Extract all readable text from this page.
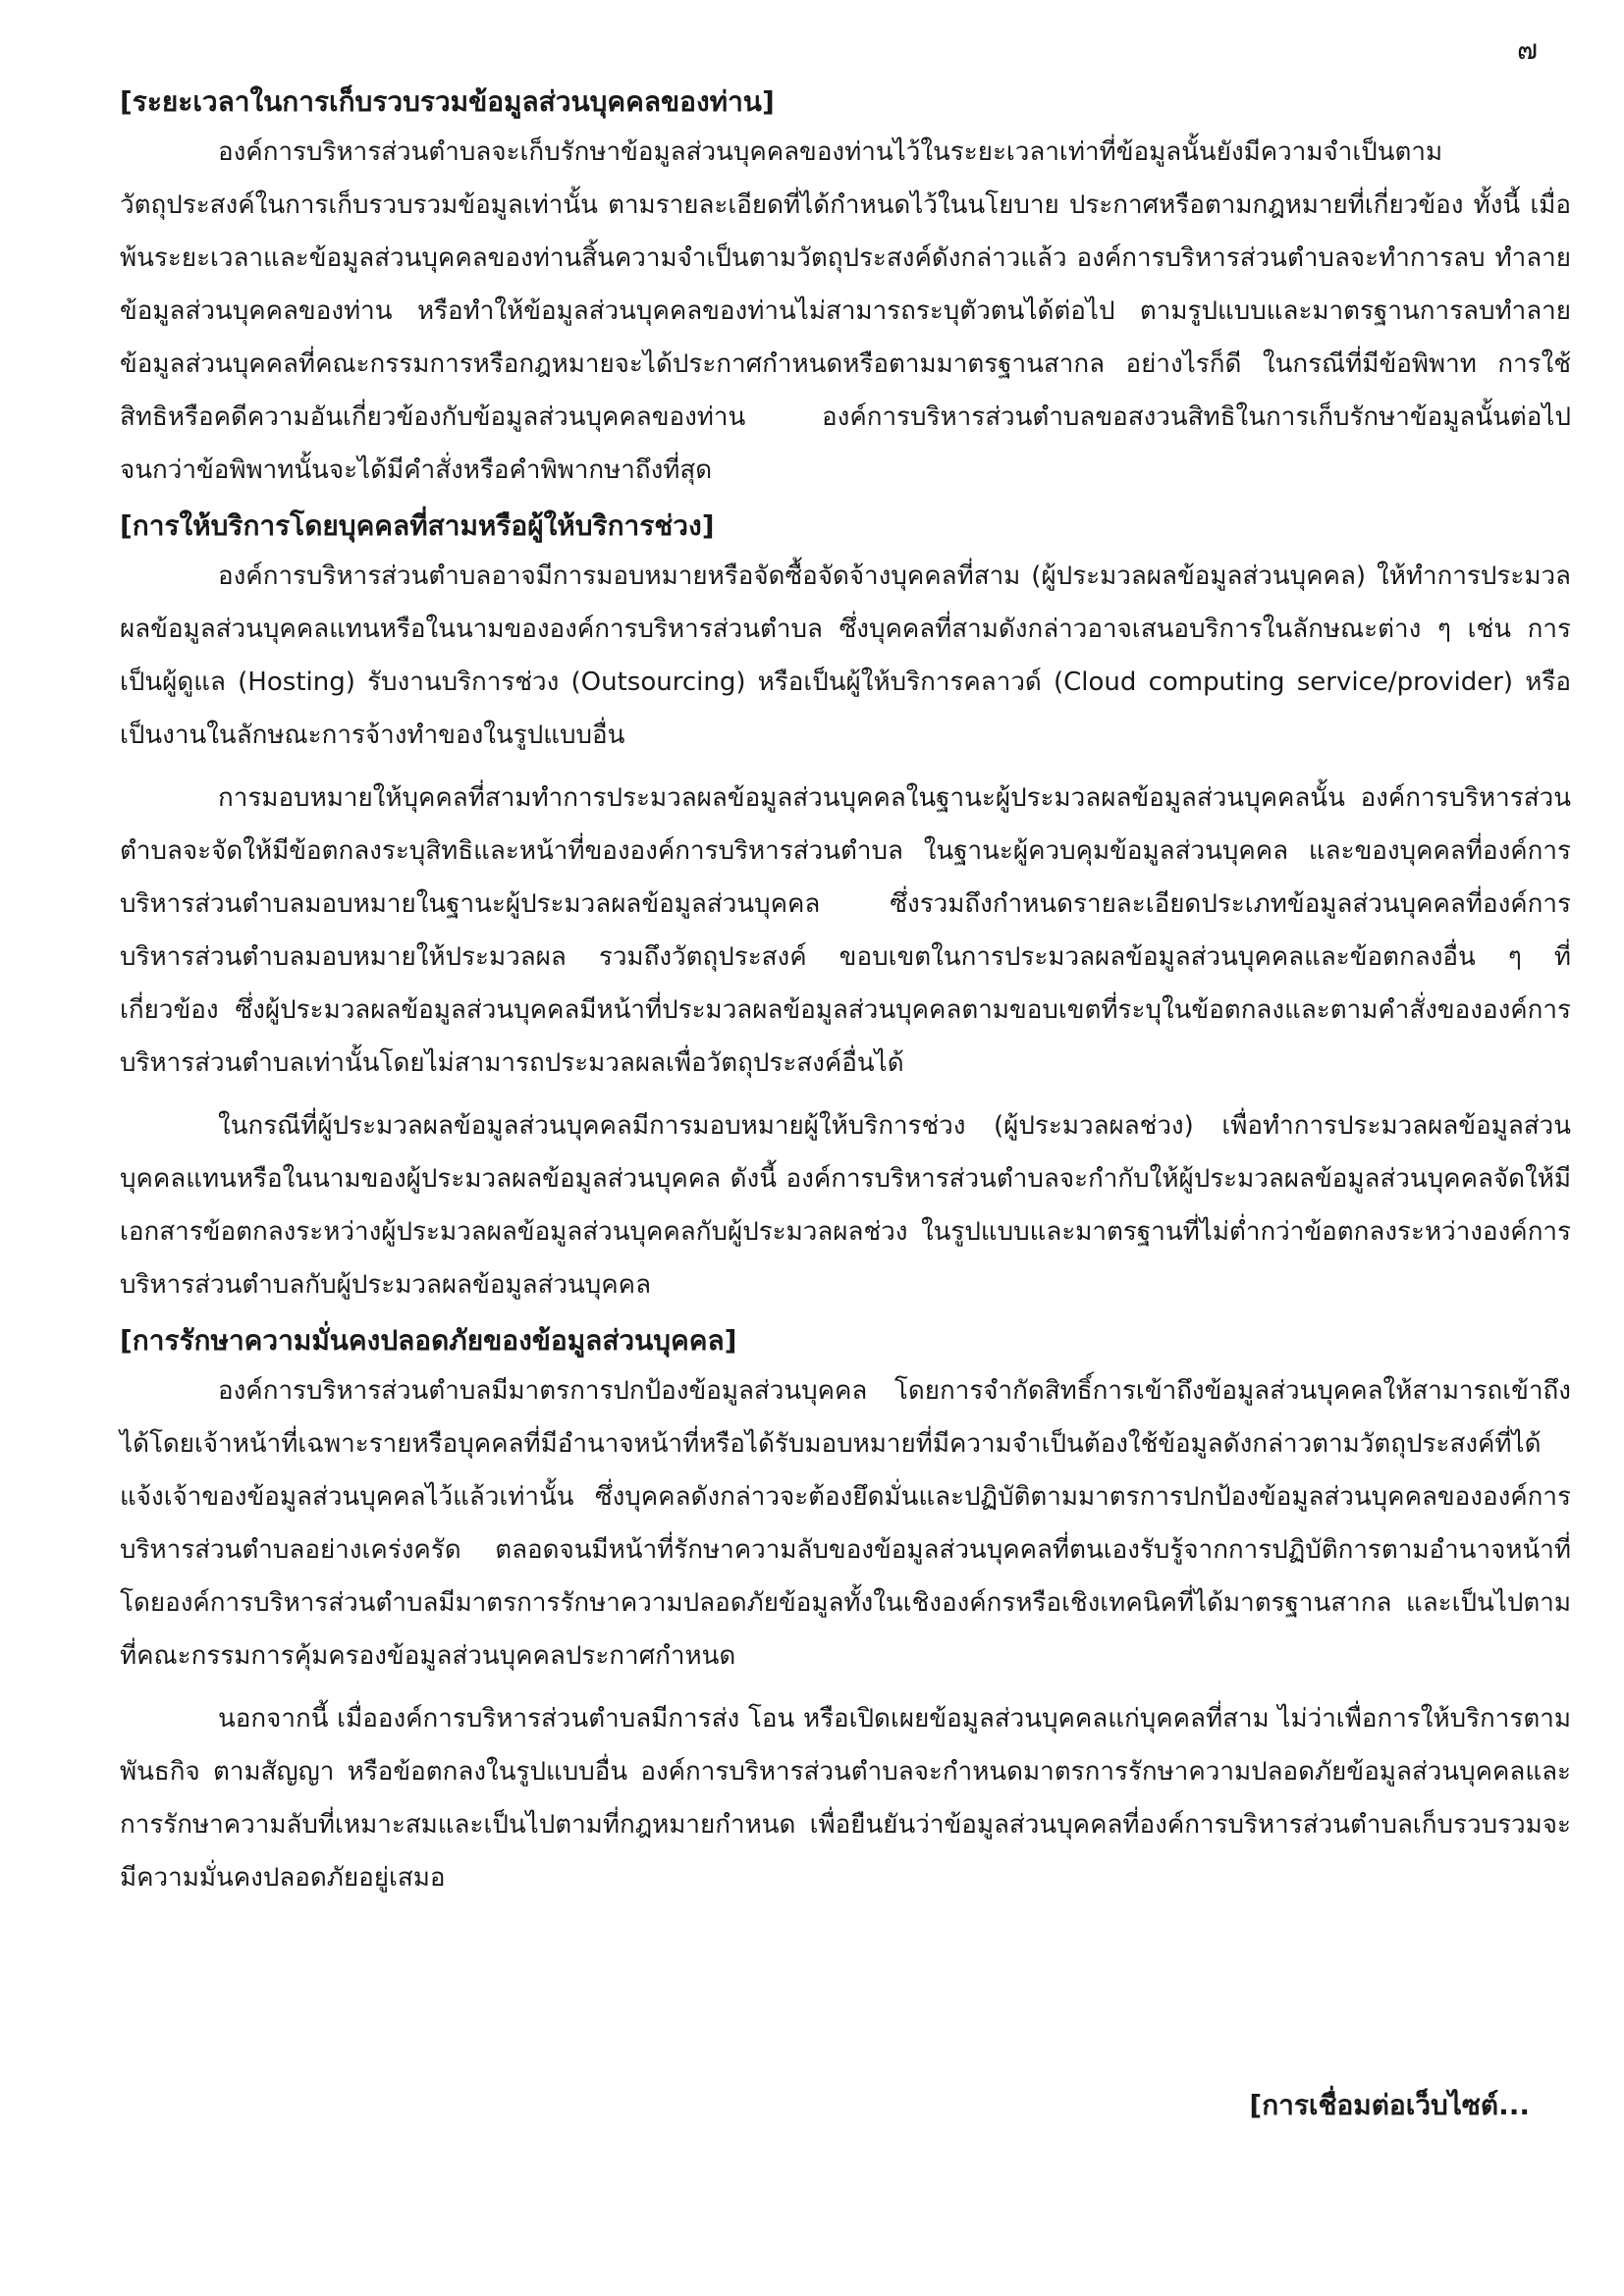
๗

[ระยะเวลาในการเก็บรวบรวมข้อมูลส่วนบุคคลของท่าน]

องค์การบริหารส่วนตำบลจะเก็บรักษาข้อมูลส่วนบุคคลของท่านไว้ในระยะเวลาเท่าที่ข้อมูลนั้นยังมีความจำเป็นตามวัตถุประสงค์ในการเก็บรวบรวมข้อมูลเท่านั้น ตามรายละเอียดที่ได้กำหนดไว้ในนโยบาย ประกาศหรือตามกฎหมายที่เกี่ยวข้อง ทั้งนี้ เมื่อพ้นระยะเวลาและข้อมูลส่วนบุคคลของท่านสิ้นความจำเป็นตามวัตถุประสงค์ดังกล่าวแล้ว องค์การบริหารส่วนตำบลจะทำการลบ ทำลายข้อมูลส่วนบุคคลของท่าน หรือทำให้ข้อมูลส่วนบุคคลของท่านไม่สามารถระบุตัวตนได้ต่อไป ตามรูปแบบและมาตรฐานการลบทำลายข้อมูลส่วนบุคคลที่คณะกรรมการหรือกฎหมายจะได้ประกาศกำหนดหรือตามมาตรฐานสากล อย่างไรก็ดี ในกรณีที่มีข้อพิพาท การใช้สิทธิหรือคดีความอันเกี่ยวข้องกับข้อมูลส่วนบุคคลของท่าน องค์การบริหารส่วนตำบลขอสงวนสิทธิในการเก็บรักษาข้อมูลนั้นต่อไปจนกว่าข้อพิพาทนั้นจะได้มีคำสั่งหรือคำพิพากษาถึงที่สุด

[การให้บริการโดยบุคคลที่สามหรือผู้ให้บริการช่วง]

องค์การบริหารส่วนตำบลอาจมีการมอบหมายหรือจัดซื้อจัดจ้างบุคคลที่สาม (ผู้ประมวลผลข้อมูลส่วนบุคคล) ให้ทำการประมวลผลข้อมูลส่วนบุคคลแทนหรือในนามขององค์การบริหารส่วนตำบล ซึ่งบุคคลที่สามดังกล่าวอาจเสนอบริการในลักษณะต่าง ๆ เช่น การเป็นผู้ดูแล (Hosting) รับงานบริการช่วง (Outsourcing) หรือเป็นผู้ให้บริการคลาวด์ (Cloud computing service/provider) หรือเป็นงานในลักษณะการจ้างทำของในรูปแบบอื่น

การมอบหมายให้บุคคลที่สามทำการประมวลผลข้อมูลส่วนบุคคลในฐานะผู้ประมวลผลข้อมูลส่วนบุคคลนั้น องค์การบริหารส่วนตำบลจะจัดให้มีข้อตกลงระบุสิทธิและหน้าที่ขององค์การบริหารส่วนตำบล ในฐานะผู้ควบคุมข้อมูลส่วนบุคคล และของบุคคลที่องค์การบริหารส่วนตำบลมอบหมายในฐานะผู้ประมวลผลข้อมูลส่วนบุคคล ซึ่งรวมถึงกำหนดรายละเอียดประเภทข้อมูลส่วนบุคคลที่องค์การบริหารส่วนตำบลมอบหมายให้ประมวลผล รวมถึงวัตถุประสงค์ ขอบเขตในการประมวลผลข้อมูลส่วนบุคคลและข้อตกลงอื่น ๆ ที่เกี่ยวข้อง ซึ่งผู้ประมวลผลข้อมูลส่วนบุคคลมีหน้าที่ประมวลผลข้อมูลส่วนบุคคลตามขอบเขตที่ระบุในข้อตกลงและตามคำสั่งขององค์การบริหารส่วนตำบลเท่านั้นโดยไม่สามารถประมวลผลเพื่อวัตถุประสงค์อื่นได้

ในกรณีที่ผู้ประมวลผลข้อมูลส่วนบุคคลมีการมอบหมายผู้ให้บริการช่วง (ผู้ประมวลผลช่วง) เพื่อทำการประมวลผลข้อมูลส่วนบุคคลแทนหรือในนามของผู้ประมวลผลข้อมูลส่วนบุคคล ดังนี้ องค์การบริหารส่วนตำบลจะกำกับให้ผู้ประมวลผลข้อมูลส่วนบุคคลจัดให้มีเอกสารข้อตกลงระหว่างผู้ประมวลผลข้อมูลส่วนบุคคลกับผู้ประมวลผลช่วง ในรูปแบบและมาตรฐานที่ไม่ต่ำกว่าข้อตกลงระหว่างองค์การบริหารส่วนตำบลกับผู้ประมวลผลข้อมูลส่วนบุคคล

[การรักษาความมั่นคงปลอดภัยของข้อมูลส่วนบุคคล]

องค์การบริหารส่วนตำบลมีมาตรการปกป้องข้อมูลส่วนบุคคล โดยการจำกัดสิทธิ์การเข้าถึงข้อมูลส่วนบุคคลให้สามารถเข้าถึงได้โดยเจ้าหน้าที่เฉพาะรายหรือบุคคลที่มีอำนาจหน้าที่หรือได้รับมอบหมายที่มีความจำเป็นต้องใช้ข้อมูลดังกล่าวตามวัตถุประสงค์ที่ได้แจ้งเจ้าของข้อมูลส่วนบุคคลไว้แล้วเท่านั้น ซึ่งบุคคลดังกล่าวจะต้องยึดมั่นและปฏิบัติตามมาตรการปกป้องข้อมูลส่วนบุคคลขององค์การบริหารส่วนตำบลอย่างเคร่งครัด ตลอดจนมีหน้าที่รักษาความลับของข้อมูลส่วนบุคคลที่ตนเองรับรู้จากการปฏิบัติการตามอำนาจหน้าที่ โดยองค์การบริหารส่วนตำบลมีมาตรการรักษาความปลอดภัยข้อมูลทั้งในเชิงองค์กรหรือเชิงเทคนิคที่ได้มาตรฐานสากล และเป็นไปตามที่คณะกรรมการคุ้มครองข้อมูลส่วนบุคคลประกาศกำหนด

นอกจากนี้ เมื่อองค์การบริหารส่วนตำบลมีการส่ง โอน หรือเปิดเผยข้อมูลส่วนบุคคลแก่บุคคลที่สาม ไม่ว่าเพื่อการให้บริการตามพันธกิจ ตามสัญญา หรือข้อตกลงในรูปแบบอื่น องค์การบริหารส่วนตำบลจะกำหนดมาตรการรักษาความปลอดภัยข้อมูลส่วนบุคคลและการรักษาความลับที่เหมาะสมและเป็นไปตามที่กฎหมายกำหนด เพื่อยืนยันว่าข้อมูลส่วนบุคคลที่องค์การบริหารส่วนตำบลเก็บรวบรวมจะมีความมั่นคงปลอดภัยอยู่เสมอ

[การเชื่อมต่อเว็บไซต์...
